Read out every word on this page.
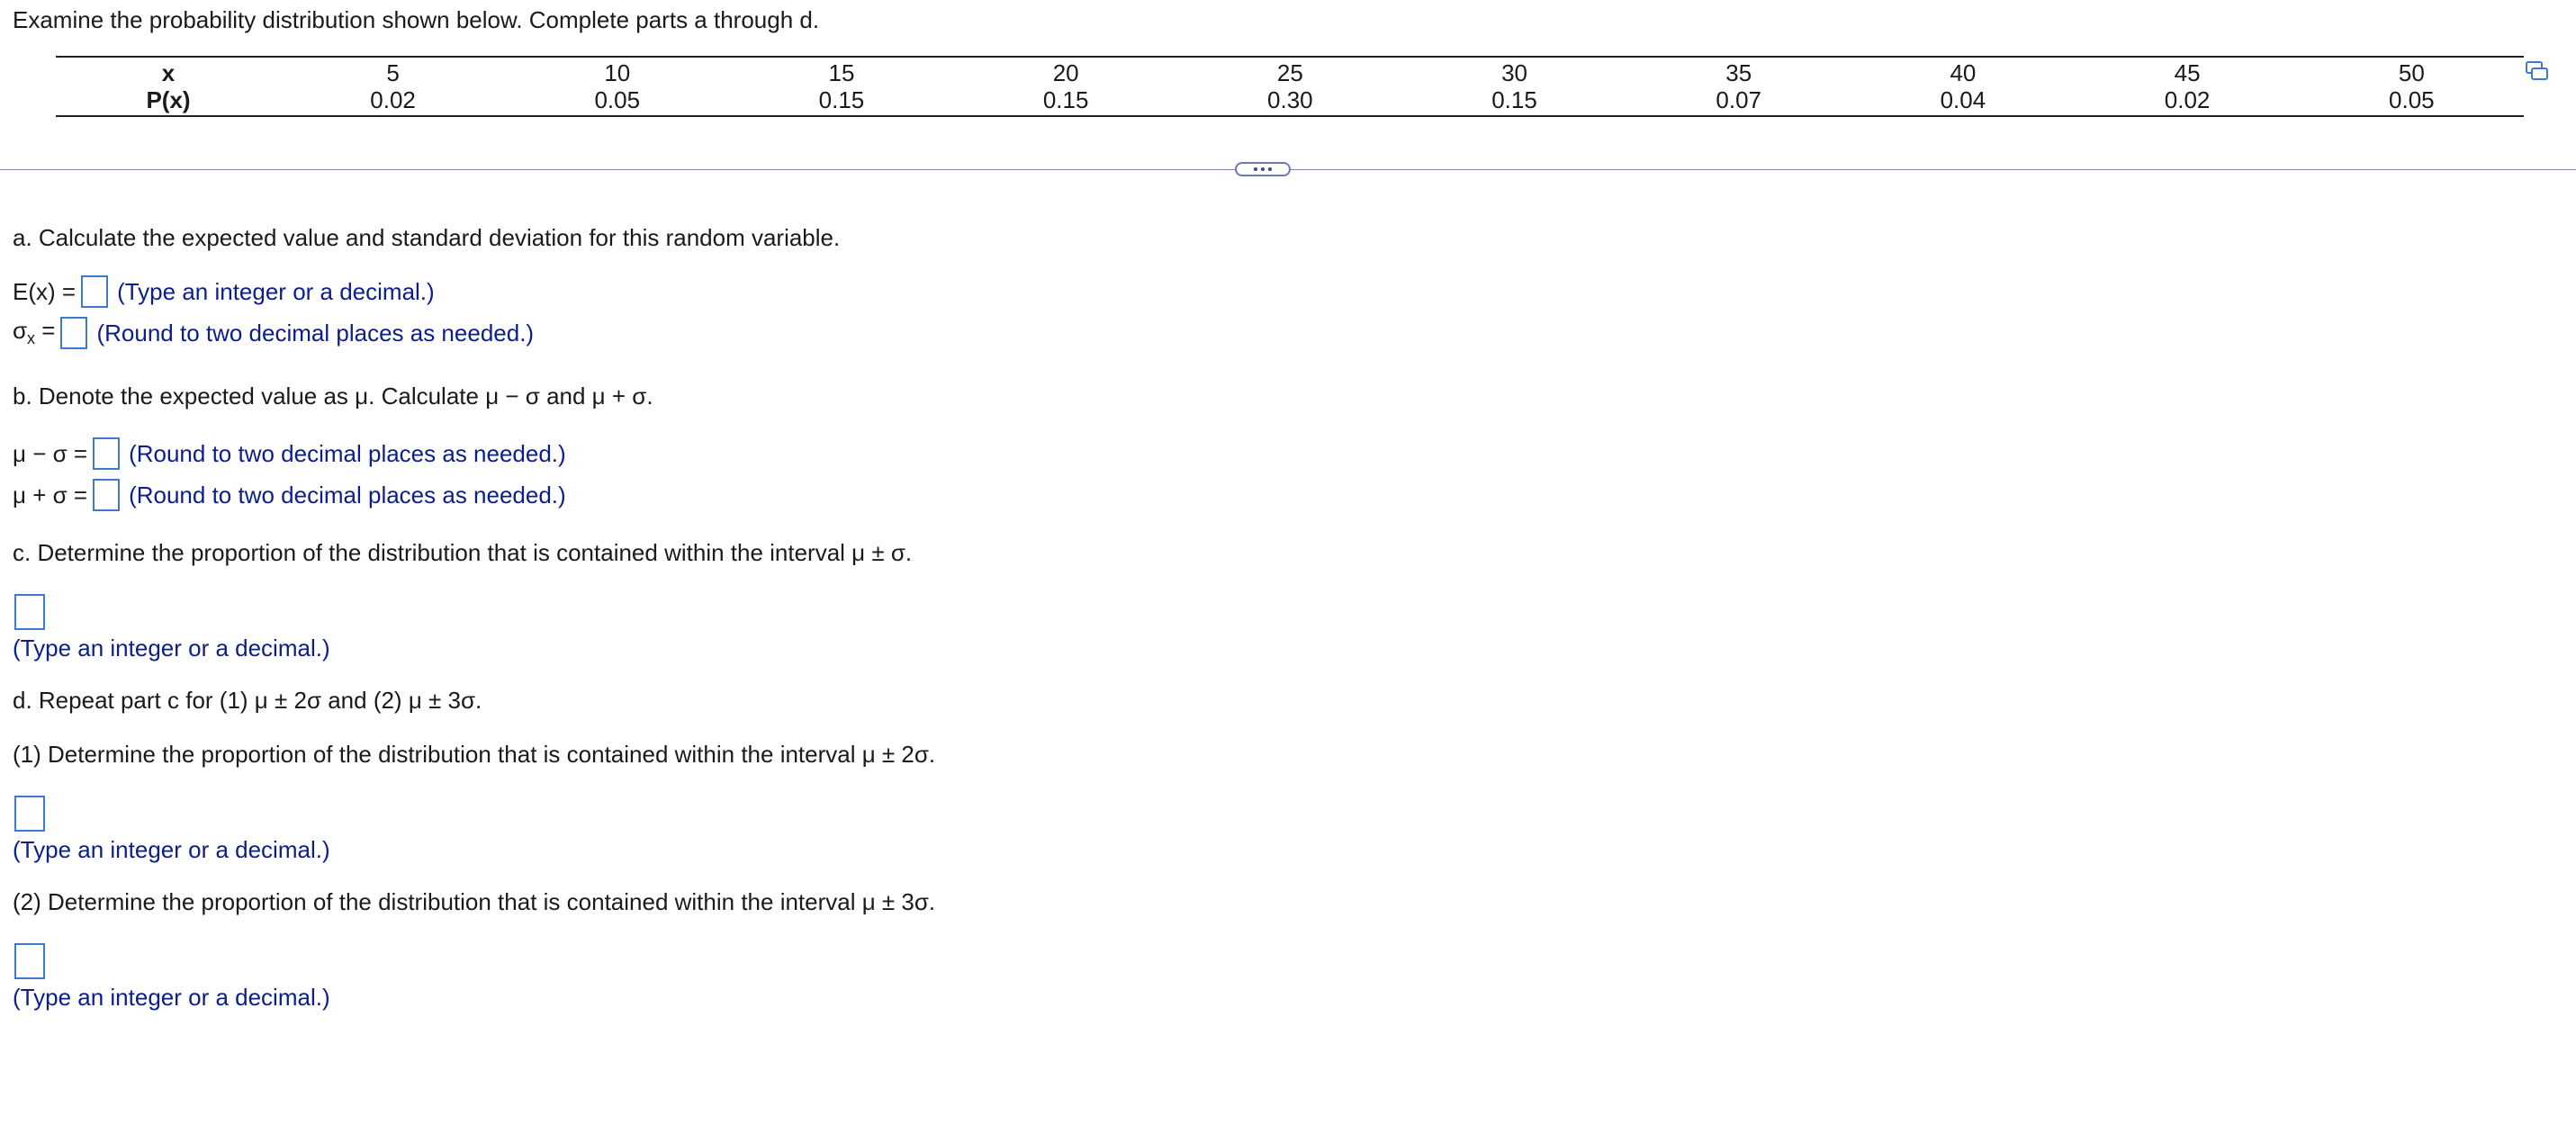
Examine the probability distribution shown below. Complete parts a through d.
x	5	10	15	20	25	30	35	40	45	50
P(x)	0.02	0.05	0.15	0.15	0.30	0.15	0.07	0.04	0.02	0.05
a. Calculate the expected value and standard deviation for this random variable.
E(x) = (Type an integer or a decimal.)
$\sigma_x$ = (Round to two decimal places as needed.)
b. Denote the expected value as μ. Calculate μ − σ and μ + σ.
μ − σ = (Round to two decimal places as needed.)
μ + σ = (Round to two decimal places as needed.)
c. Determine the proportion of the distribution that is contained within the interval μ ± σ.
(Type an integer or a decimal.)
d. Repeat part c for (1) μ ± 2σ and (2) μ ± 3σ.
(1) Determine the proportion of the distribution that is contained within the interval μ ± 2σ.
(Type an integer or a decimal.)
(2) Determine the proportion of the distribution that is contained within the interval μ ± 3σ.
(Type an integer or a decimal.)
